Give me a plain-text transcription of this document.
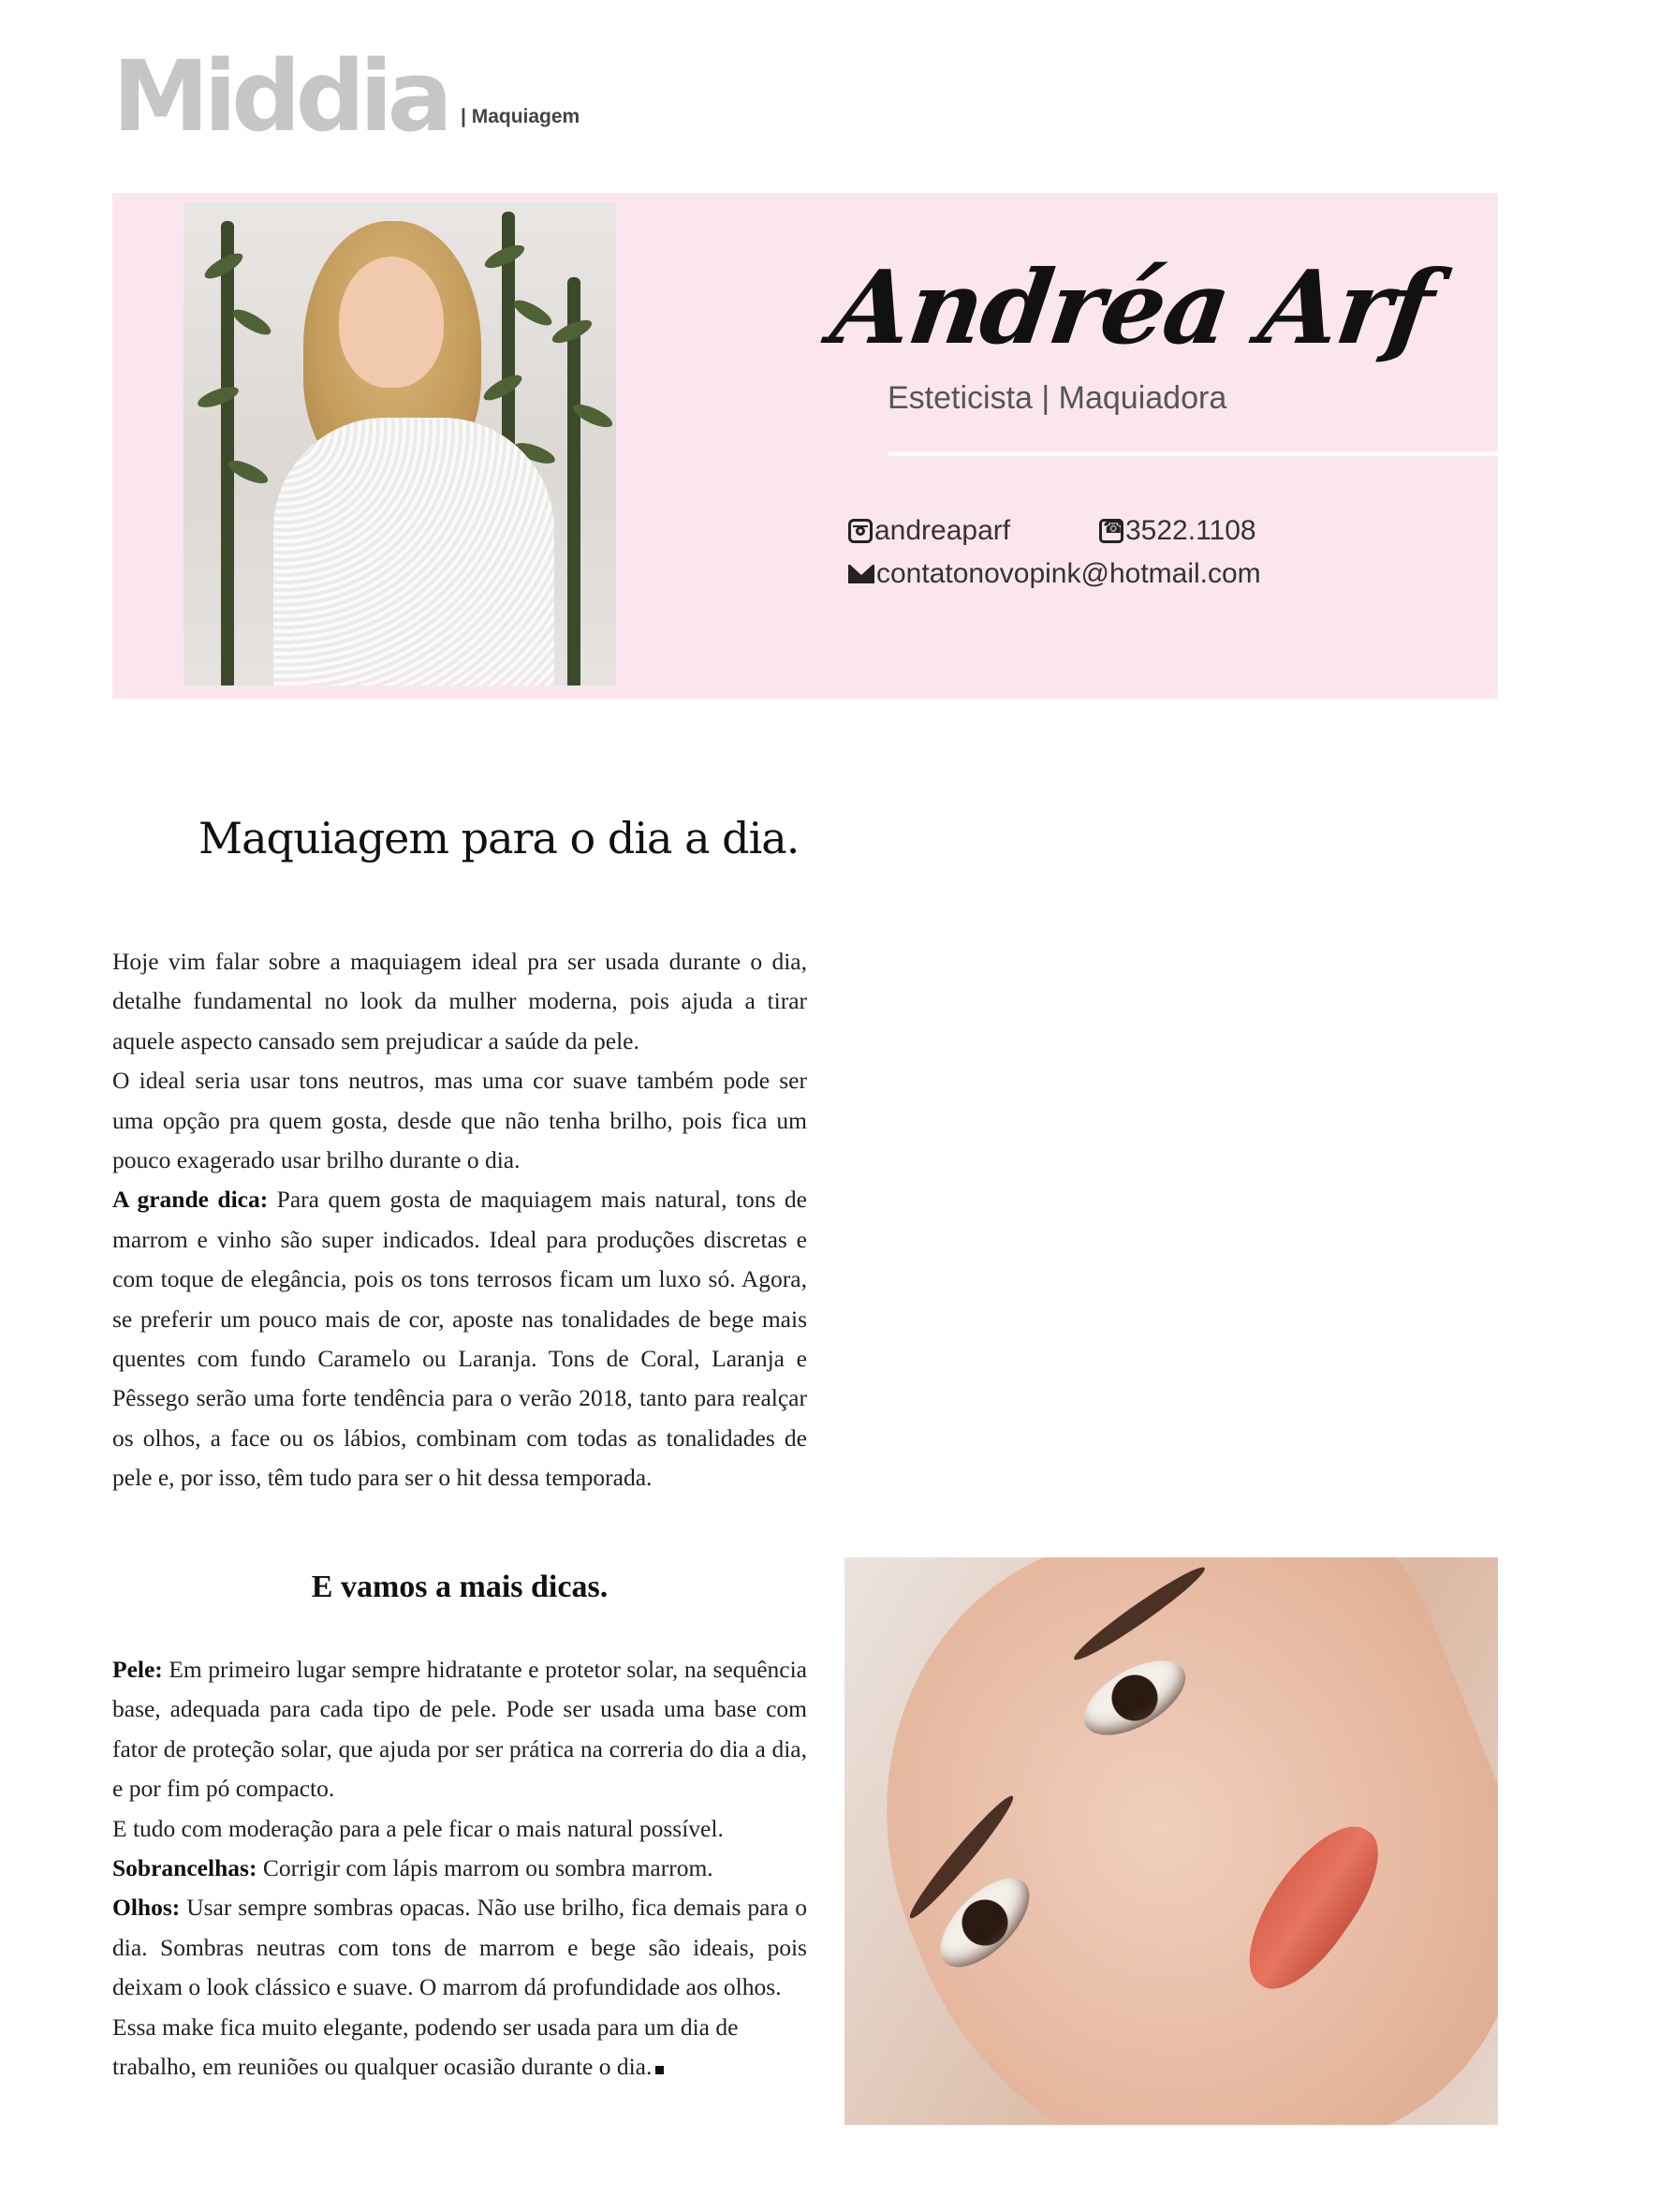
Middia | Maquiagem
Andréa Arf
Esteticista | Maquiadora
andreaparf
☎	3522.1108
contatonovopink@hotmail.com
Maquiagem para o dia a dia.

Hoje vim falar sobre a maquiagem ideal pra ser usada durante o dia, detalhe fundamental no look da mulher moderna, pois ajuda a tirar aquele aspecto cansado sem prejudicar a saúde da pele.

O ideal seria usar tons neutros, mas uma cor suave também pode ser uma opção pra quem gosta, desde que não tenha brilho, pois fica um pouco exagerado usar brilho durante o dia.

A grande dica: Para quem gosta de maquiagem mais natural, tons de marrom e vinho são super indicados. Ideal para produções discretas e com toque de elegância, pois os tons terrosos ficam um luxo só. Agora, se preferir um pouco mais de cor, aposte nas tonalidades de bege mais quentes com fundo Caramelo ou Laranja. Tons de Coral, Laranja e Pêssego serão uma forte tendência para o verão 2018, tanto para realçar os olhos, a face ou os lábios, combinam com todas as tonalidades de pele e, por isso, têm tudo para ser o hit dessa temporada.

E vamos a mais dicas.

Pele: Em primeiro lugar sempre hidratante e protetor solar, na sequência base, adequada para cada tipo de pele. Pode ser usada uma base com fator de proteção solar, que ajuda por ser prática na correria do dia a dia, e por fim pó compacto.

E tudo com moderação para a pele ficar o mais natural possível.

Sobrancelhas: Corrigir com lápis marrom ou sombra marrom.

Olhos: Usar sempre sombras opacas. Não use brilho, fica demais para o dia. Sombras neutras com tons de marrom e bege são ideais, pois deixam o look clássico e suave. O marrom dá profundidade aos olhos.

Essa make fica muito elegante, podendo ser usada para um dia de trabalho, em reuniões ou qualquer ocasião durante o dia.
